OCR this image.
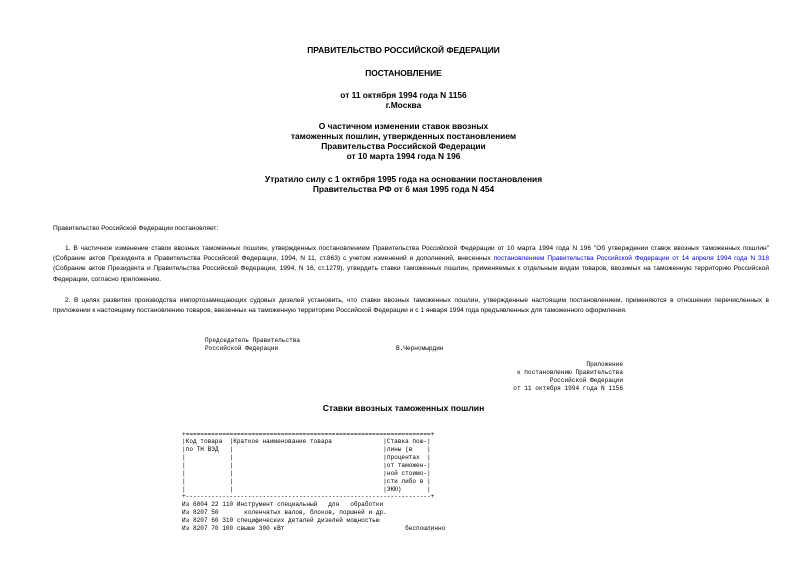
ПРАВИТЕЛЬСТВО РОССИЙСКОЙ ФЕДЕРАЦИИ
ПОСТАНОВЛЕНИЕ
от 11 октября 1994 года N 1156
г.Москва
О частичном изменении ставок ввозных
таможенных пошлин, утвержденных постановлением
Правительства Российской Федерации
от 10 марта 1994 года N 196
Утратило силу с 1 октября 1995 года на основании постановления
Правительства РФ от 6 мая 1995 года N 454
Правительство Российской Федерации постановляет:
1. В частичное изменение ставок ввозных таможенных пошлин, утвержденных постановлением Правительства Российской Федерации от 10 марта 1994 года N 196 "Об утверждении ставок ввозных таможенных пошлин" (Собрание актов Президента и Правительства Российской Федерации, 1994, N 11, ст.863) с учетом изменений и дополнений, внесенных постановлением Правительства Российской Федерации от 14 апреля 1994 года N 318 (Собрание актов Президента и Правительства Российской Федерации, 1994, N 16, ст.1279), утвердить ставки таможенных пошлин, применяемых к отдельным видам товаров, ввозимых на таможенную территорию Российской Федерации, согласно приложению.
2. В целях развития производства импортозамещающих судовых дизелей установить, что ставки ввозных таможенных пошлин, утвержденные настоящим постановлением, применяются в отношении перечисленных в приложении к настоящему постановлению товаров, ввезенных на таможенную территорию Российской Федерации и с 1 января 1994 года предъявленных для таможенного оформления.
Председатель Правительства
Российской Федерации	В.Черномырдин
Приложение
к постановлению Правительства
Российской Федерации
от 11 октября 1994 года N 1156
Ставки ввозных таможенных пошлин
+===================================================================+
|Код товара  |Краткое наименование товара              |Ставка пош-|
|по ТН ВЭД   |                                         |лины (в    |
|            |                                         |процентах  |
|            |                                         |от таможен-|
|            |                                         |ной стоимо-|
|            |                                         |сти либо в |
|            |                                         |ЭКЮ)       |
+-------------------------------------------------------------------+
Из 6804 22 110 Инструмент специальный   для   обработки
Из 8207 50       коленчатых валов, блоков, поршней и др.
Из 8207 60 310 специфических деталей дизелей мощностью
Из 8207 70 100 свыше 300 кВт                                 беспошлинно
